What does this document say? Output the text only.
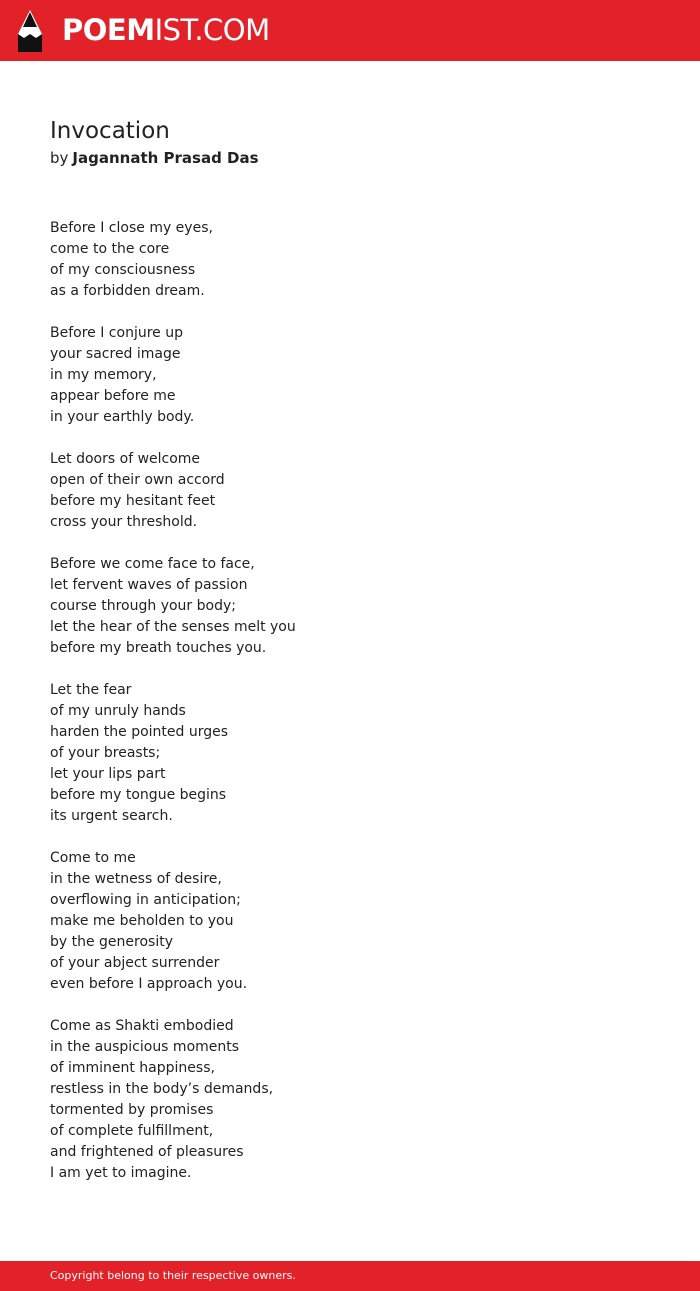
POEMIST.COM
Invocation

by Jagannath Prasad Das

Before I close my eyes,
come to the core
of my consciousness
as a forbidden dream.

Before I conjure up
your sacred image
in my memory,
appear before me
in your earthly body.

Let doors of welcome
open of their own accord
before my hesitant feet
cross your threshold.

Before we come face to face,
let fervent waves of passion
course through your body;
let the hear of the senses melt you
before my breath touches you.

Let the fear
of my unruly hands
harden the pointed urges
of your breasts;
let your lips part
before my tongue begins
its urgent search.

Come to me
in the wetness of desire,
overflowing in anticipation;
make me beholden to you
by the generosity
of your abject surrender
even before I approach you.

Come as Shakti embodied
in the auspicious moments
of imminent happiness,
restless in the body’s demands,
tormented by promises
of complete fulfillment,
and frightened of pleasures
I am yet to imagine.

Copyright belong to their respective owners.
